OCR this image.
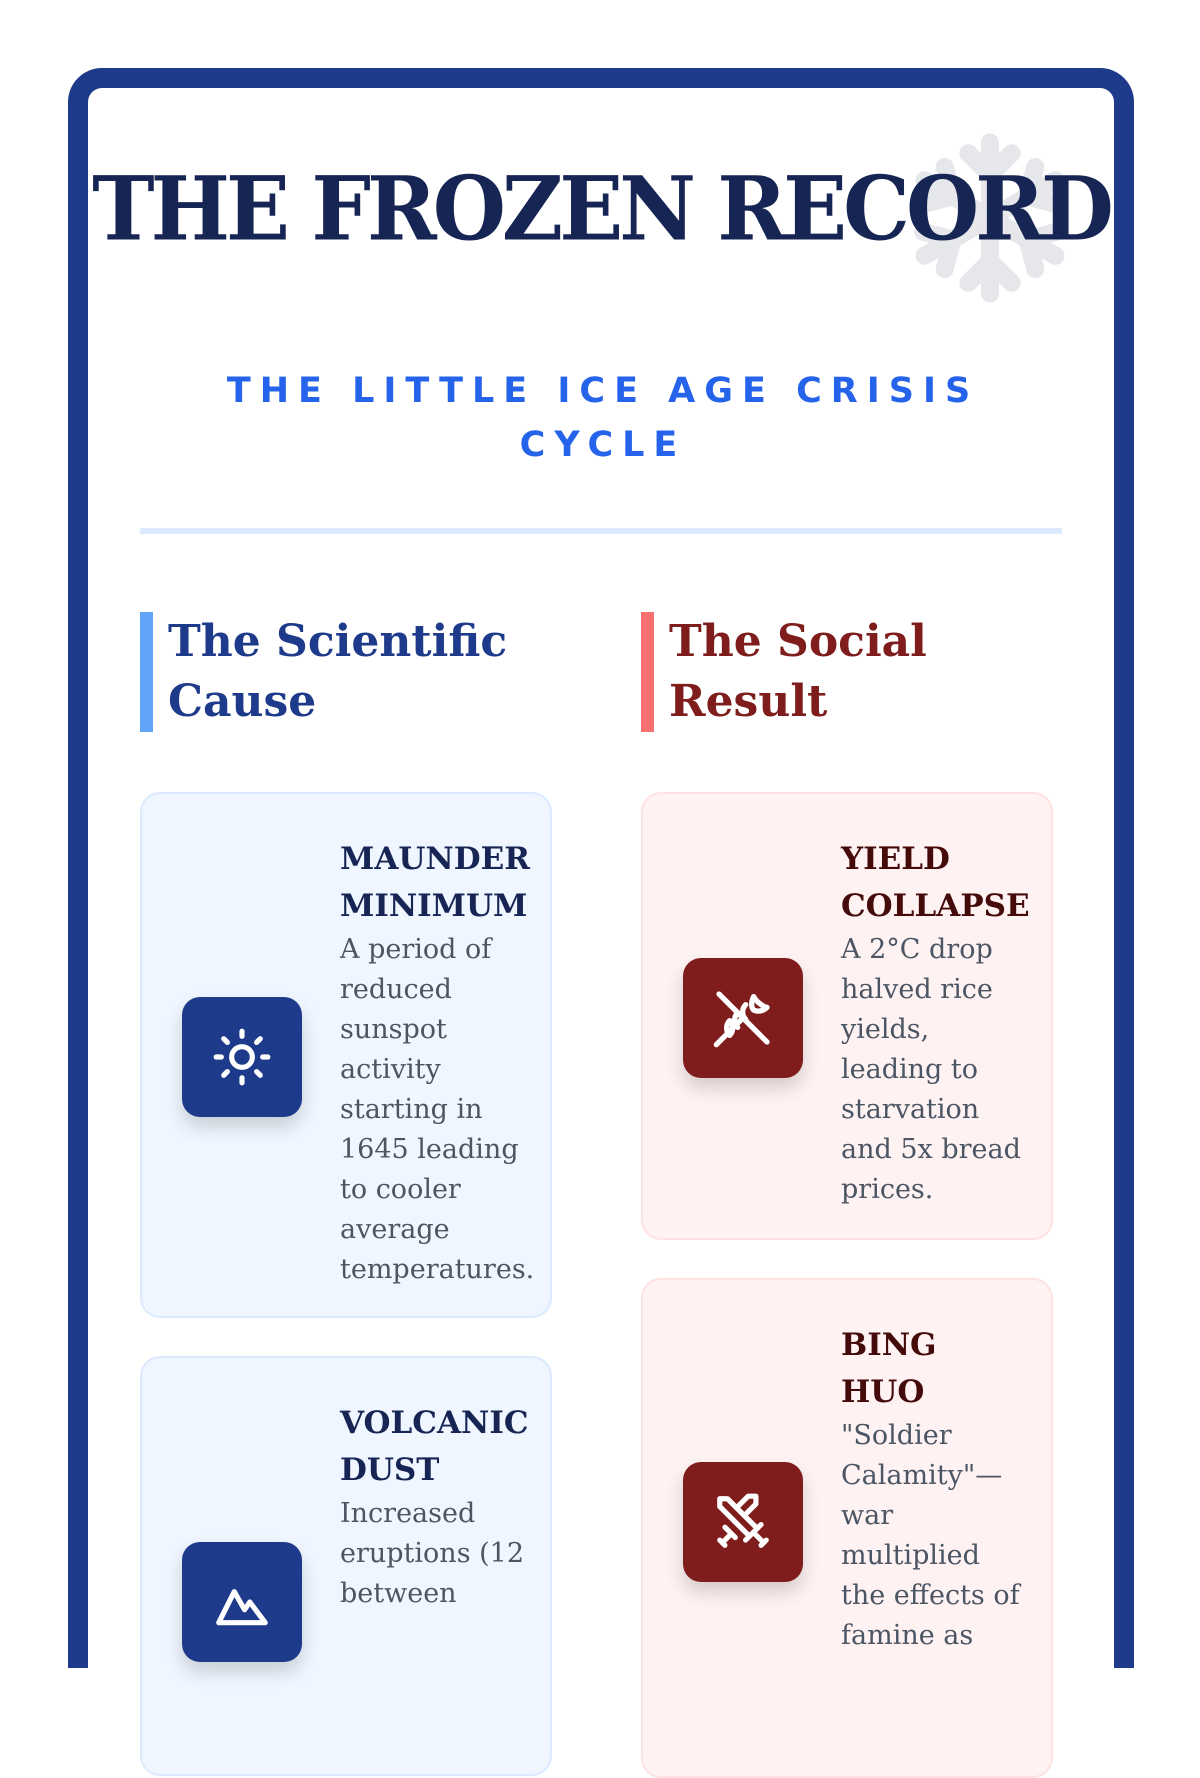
THE FROZEN RECORD
THE LITTLE ICE AGE CRISIS CYCLE
The Scientific Cause
MAUNDER MINIMUM
A period of reduced sunspot activity starting in 1645 leading to cooler average temperatures.
VOLCANIC DUST
Increased eruptions (12 between
The Social Result
YIELD COLLAPSE
A 2°C drop halved rice yields, leading to starvation and 5x bread prices.
BING HUO
"Soldier Calamity"—war multiplied the effects of famine as
